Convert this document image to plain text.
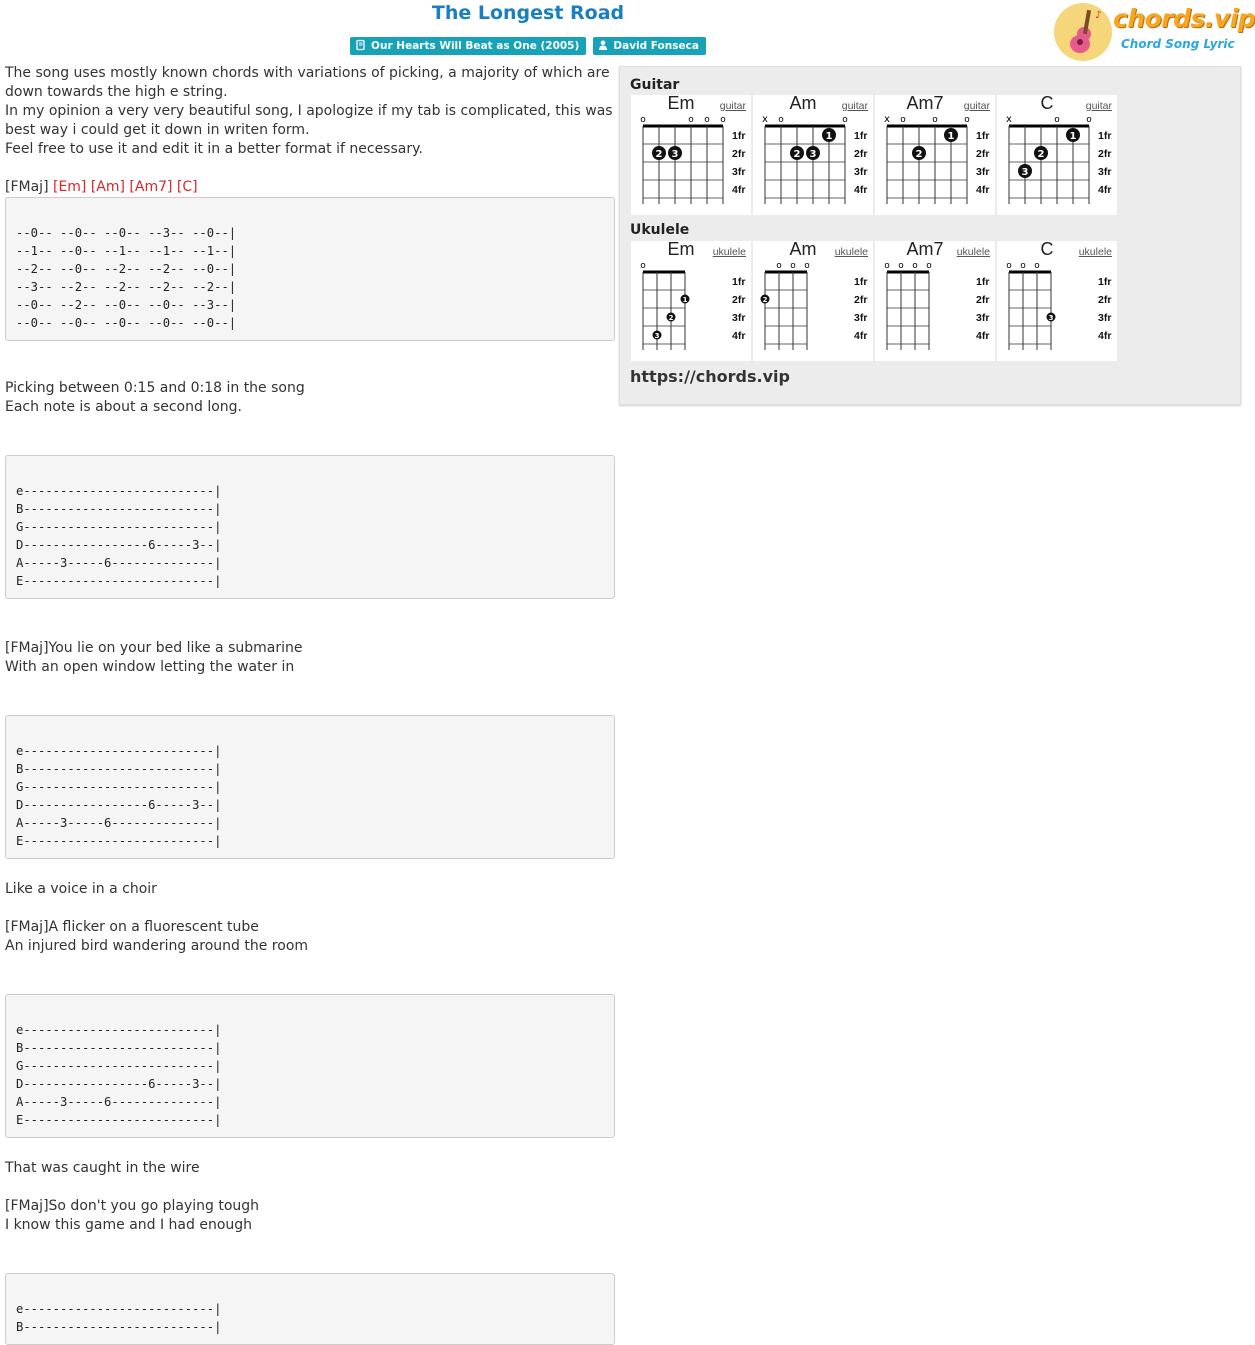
The Longest Road
Our Hearts Will Beat as One (2005)	David Fonseca
♪ chords.vip
Chord Song Lyric

The song uses mostly known chords with variations of picking, a majority of which are down towards the high e string.

In my opinion a very very beautiful song, I apologize if my tab is complicated, this was best way i could get it down in writen form.

Feel free to use it and edit it in a better format if necessary.

[FMaj] [Em] [Am] [Am7] [C]

--0-- --0-- --0-- --3-- --0--|
--1-- --0-- --1-- --1-- --1--|
--2-- --0-- --2-- --2-- --0--|
--3-- --2-- --2-- --2-- --2--|
--0-- --2-- --0-- --0-- --3--|
--0-- --0-- --0-- --0-- --0--|

Picking between 0:15 and 0:18 in the song

Each note is about a second long.

e--------------------------|
B--------------------------|
G--------------------------|
D-----------------6-----3--|
A-----3-----6--------------|
E--------------------------|

[FMaj]You lie on your bed like a submarine

With an open window letting the water in

e--------------------------|
B--------------------------|
G--------------------------|
D-----------------6-----3--|
A-----3-----6--------------|
E--------------------------|

Like a voice in a choir

[FMaj]A flicker on a fluorescent tube

An injured bird wandering around the room

e--------------------------|
B--------------------------|
G--------------------------|
D-----------------6-----3--|
A-----3-----6--------------|
E--------------------------|

That was caught in the wire

[FMaj]So don't you go playing tough

I know this game and I had enough

e--------------------------|
B--------------------------|
Guitar
Em	guitar
o	o o o
1fr
2fr
3fr
4fr
2 3
Am	guitar
x o	o
1fr
2fr
3fr
4fr
2 3
1
Am7	guitar
x o	o	o
1fr
2fr
3fr
4fr
2
1
C	guitar
x	o	o
1fr
2fr
3fr
4fr
3
2
1
Ukulele
Em	ukulele
o
1fr
2fr
3fr
4fr
1
2
3
Am	ukulele
o o o
1fr
2fr
3fr
4fr
2
Am7	ukulele
o o o o
1fr
2fr
3fr
4fr
C	ukulele
o o o
1fr
2fr
3fr
4fr
3
https://chords.vip
